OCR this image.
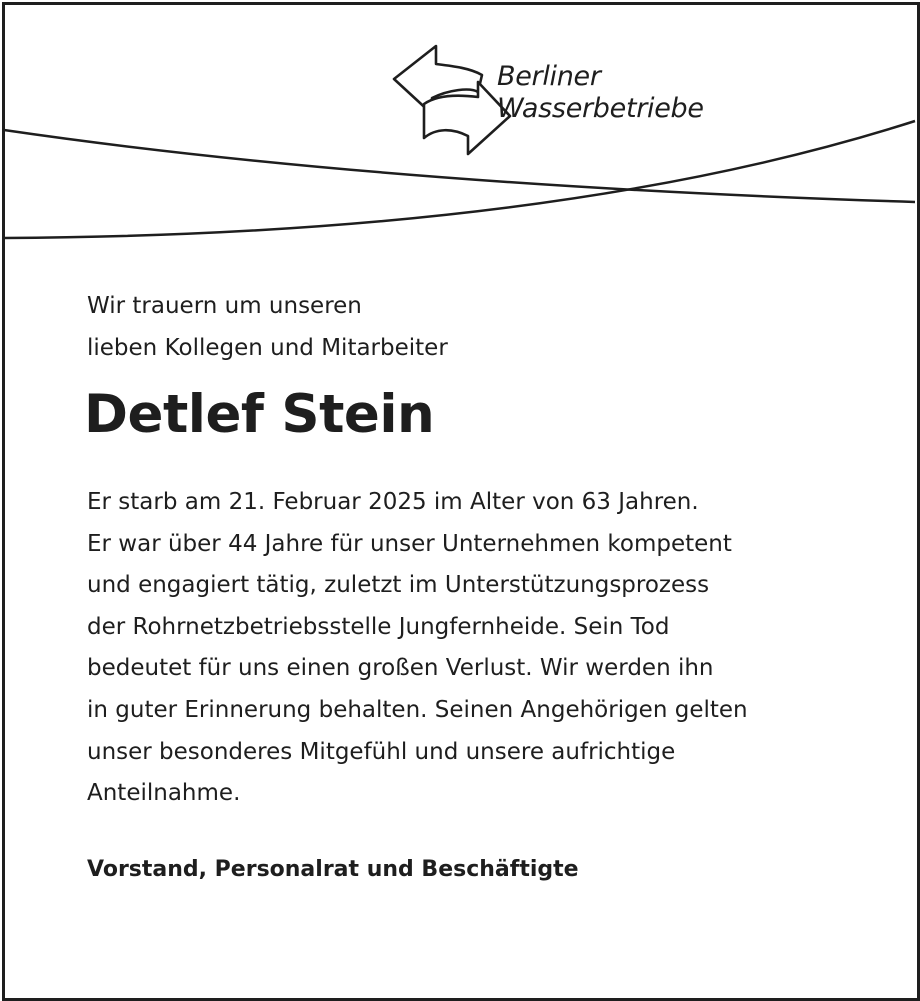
Berliner
Wasserbetriebe
Wir trauern um unseren
lieben Kollegen und Mitarbeiter
Detlef Stein
Er starb am 21. Februar 2025 im Alter von 63 Jahren.
Er war über 44 Jahre für unser Unternehmen kompetent
und engagiert tätig, zuletzt im Unterstützungsprozess
der Rohrnetzbetriebsstelle Jungfernheide. Sein Tod
bedeutet für uns einen großen Verlust. Wir werden ihn
in guter Erinnerung behalten. Seinen Angehörigen gelten
unser besonderes Mitgefühl und unsere aufrichtige
Anteilnahme.
Vorstand, Personalrat und Beschäftigte
